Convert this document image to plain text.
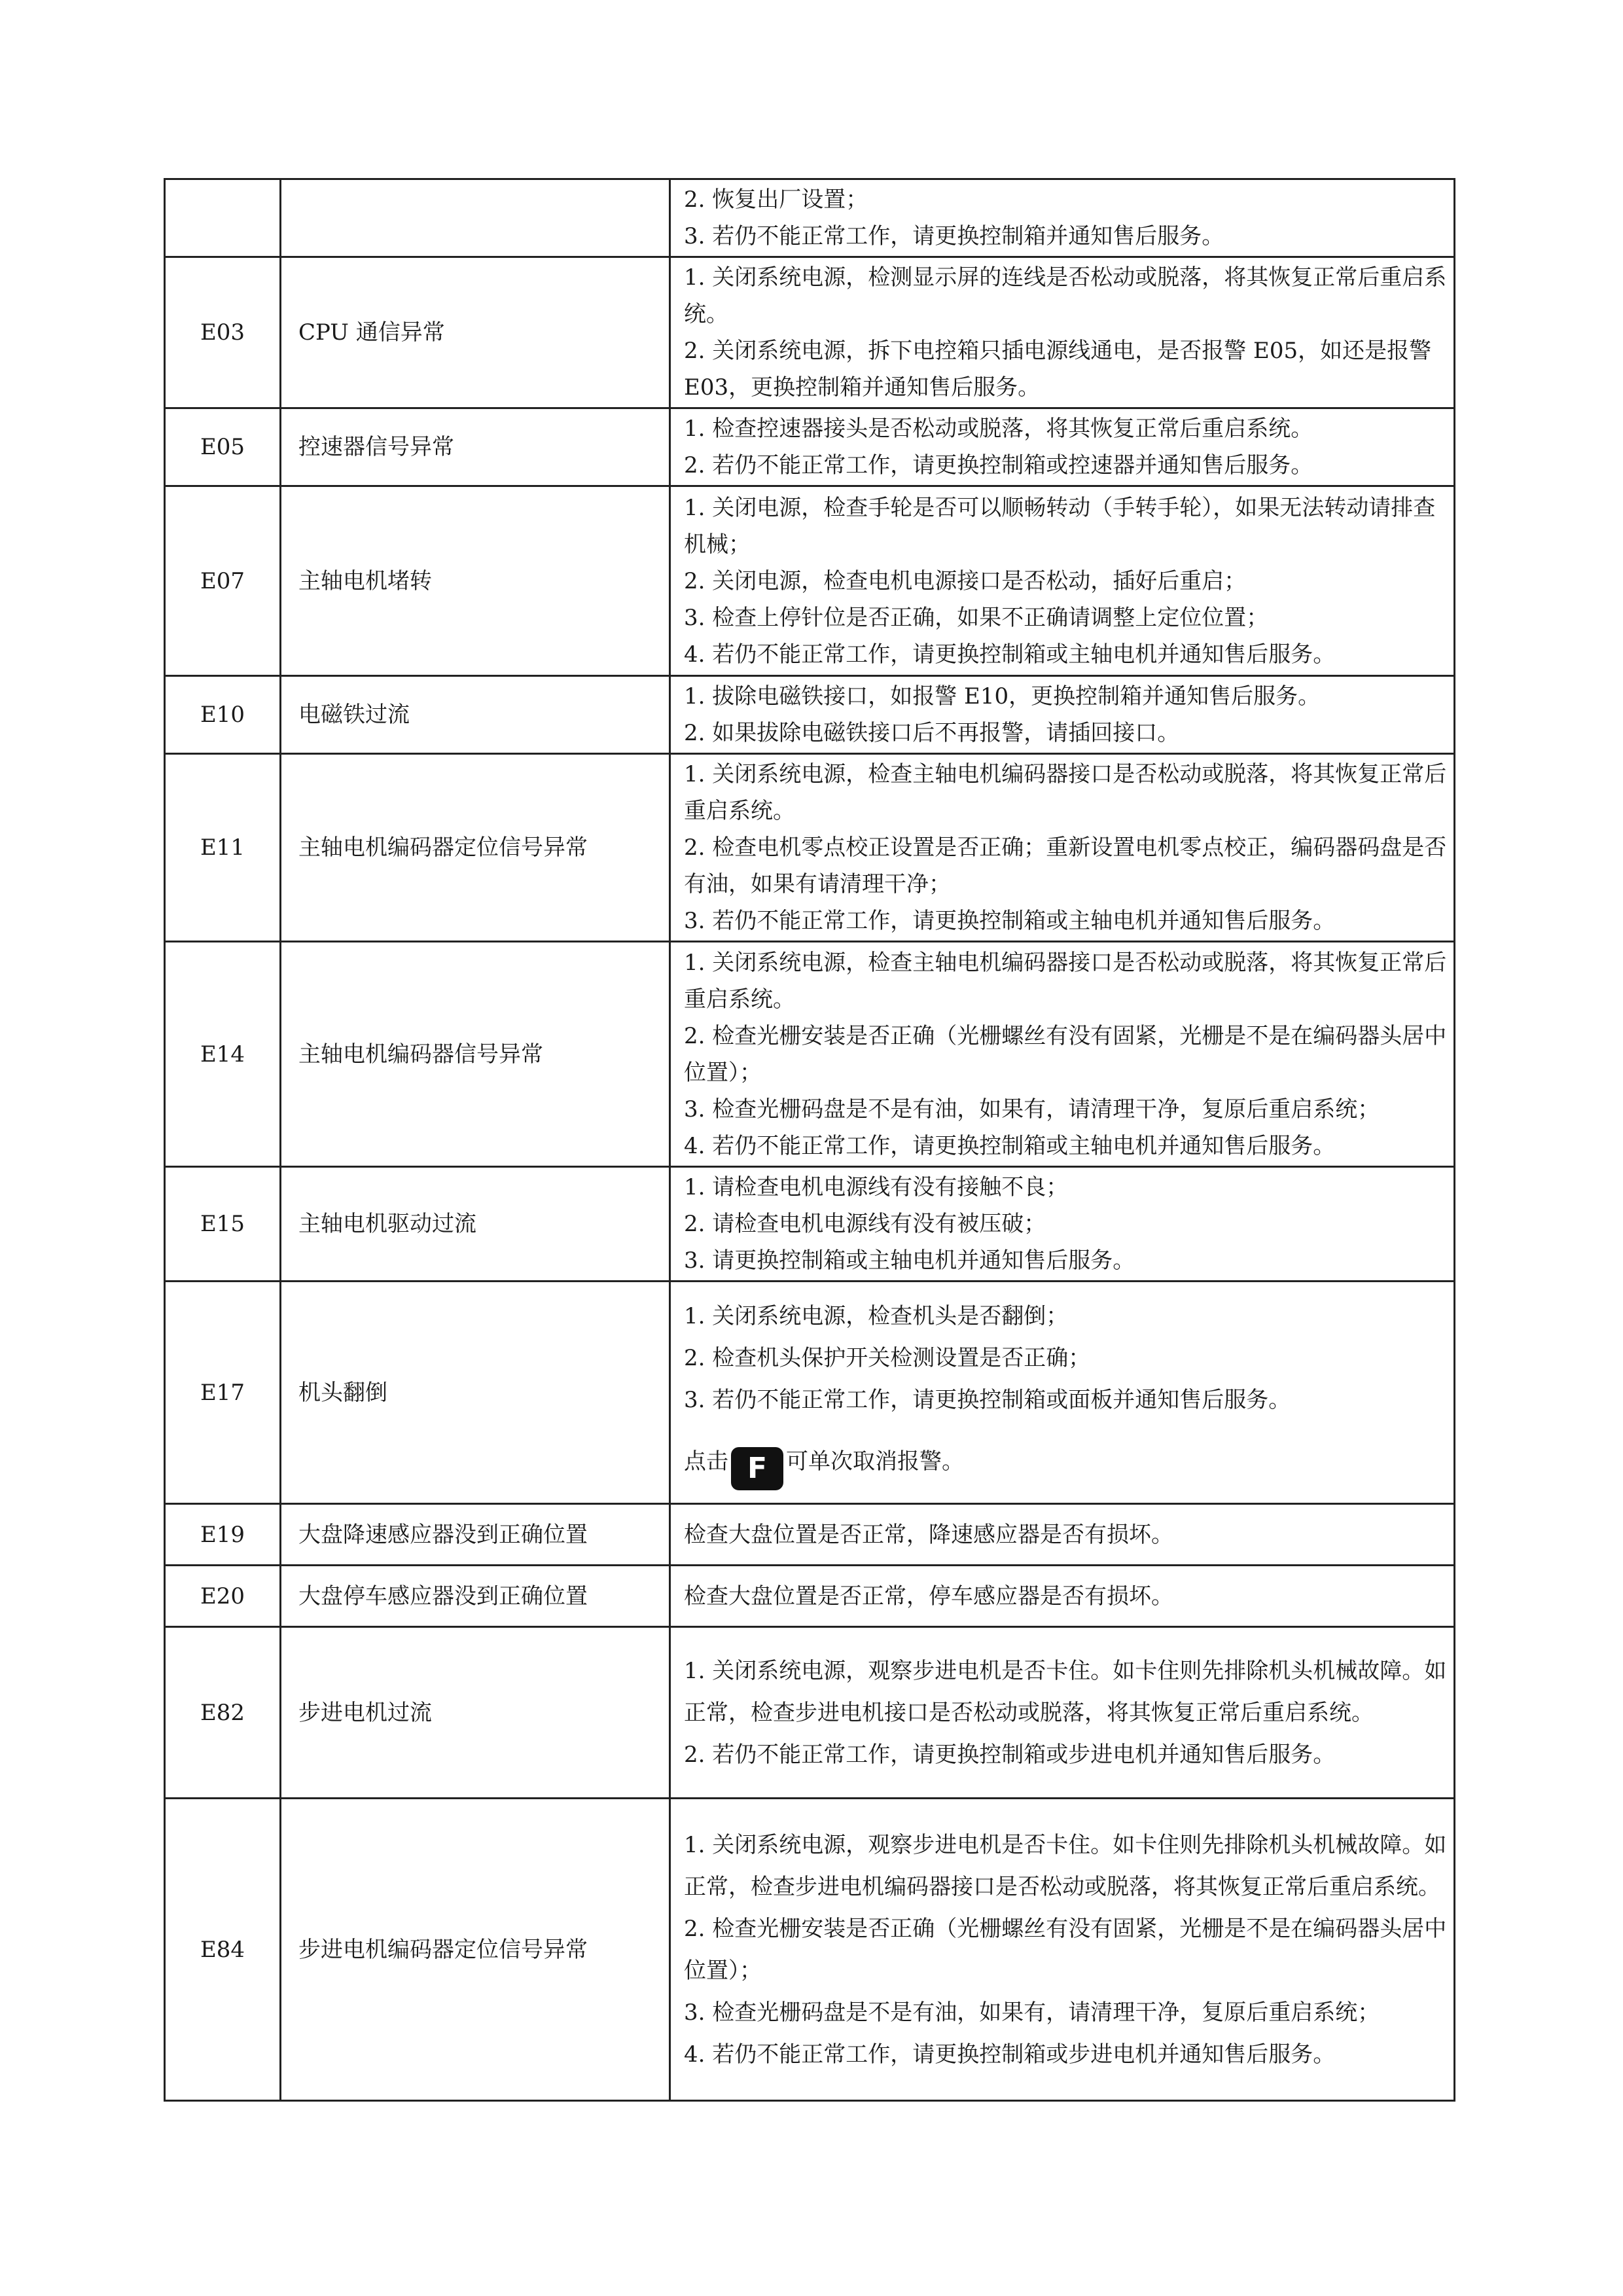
		2. 恢复出厂设置；
3. 若仍不能正常工作，请更换控制箱并通知售后服务。

E03	CPU 通信异常	1. 关闭系统电源，检测显示屏的连线是否松动或脱落，将其恢复正常后重启系统。
2. 关闭系统电源，拆下电控箱只插电源线通电，是否报警 E05，如还是报警 E03，更换控制箱并通知售后服务。

E05	控速器信号异常	1. 检查控速器接头是否松动或脱落，将其恢复正常后重启系统。
2. 若仍不能正常工作，请更换控制箱或控速器并通知售后服务。

E07	主轴电机堵转	1. 关闭电源，检查手轮是否可以顺畅转动（手转手轮），如果无法转动请排查机械；
2. 关闭电源，检查电机电源接口是否松动，插好后重启；
3. 检查上停针位是否正确，如果不正确请调整上定位位置；
4. 若仍不能正常工作，请更换控制箱或主轴电机并通知售后服务。

E10	电磁铁过流	1. 拔除电磁铁接口，如报警 E10，更换控制箱并通知售后服务。
2. 如果拔除电磁铁接口后不再报警，请插回接口。

E11	主轴电机编码器定位信号异常	1. 关闭系统电源，检查主轴电机编码器接口是否松动或脱落，将其恢复正常后重启系统。
2. 检查电机零点校正设置是否正确；重新设置电机零点校正，编码器码盘是否有油，如果有请清理干净；
3. 若仍不能正常工作，请更换控制箱或主轴电机并通知售后服务。

E14	主轴电机编码器信号异常	1. 关闭系统电源，检查主轴电机编码器接口是否松动或脱落，将其恢复正常后重启系统。
2. 检查光栅安装是否正确（光栅螺丝有没有固紧，光栅是不是在编码器头居中位置）；
3. 检查光栅码盘是不是有油，如果有，请清理干净，复原后重启系统；
4. 若仍不能正常工作，请更换控制箱或主轴电机并通知售后服务。

E15	主轴电机驱动过流	1. 请检查电机电源线有没有接触不良；
2. 请检查电机电源线有没有被压破；
3. 请更换控制箱或主轴电机并通知售后服务。

E17	机头翻倒	1. 关闭系统电源，检查机头是否翻倒；
2. 检查机头保护开关检测设置是否正确；
3. 若仍不能正常工作，请更换控制箱或面板并通知售后服务。
点击 F 可单次取消报警。

E19	大盘降速感应器没到正确位置	检查大盘位置是否正常，降速感应器是否有损坏。

E20	大盘停车感应器没到正确位置	检查大盘位置是否正常，停车感应器是否有损坏。

E82	步进电机过流	1. 关闭系统电源，观察步进电机是否卡住。如卡住则先排除机头机械故障。如正常，检查步进电机接口是否松动或脱落，将其恢复正常后重启系统。
2. 若仍不能正常工作，请更换控制箱或步进电机并通知售后服务。

E84	步进电机编码器定位信号异常	1. 关闭系统电源，观察步进电机是否卡住。如卡住则先排除机头机械故障。如正常，检查步进电机编码器接口是否松动或脱落，将其恢复正常后重启系统。
2. 检查光栅安装是否正确（光栅螺丝有没有固紧，光栅是不是在编码器头居中位置）；
3. 检查光栅码盘是不是有油，如果有，请清理干净，复原后重启系统；
4. 若仍不能正常工作，请更换控制箱或步进电机并通知售后服务。
